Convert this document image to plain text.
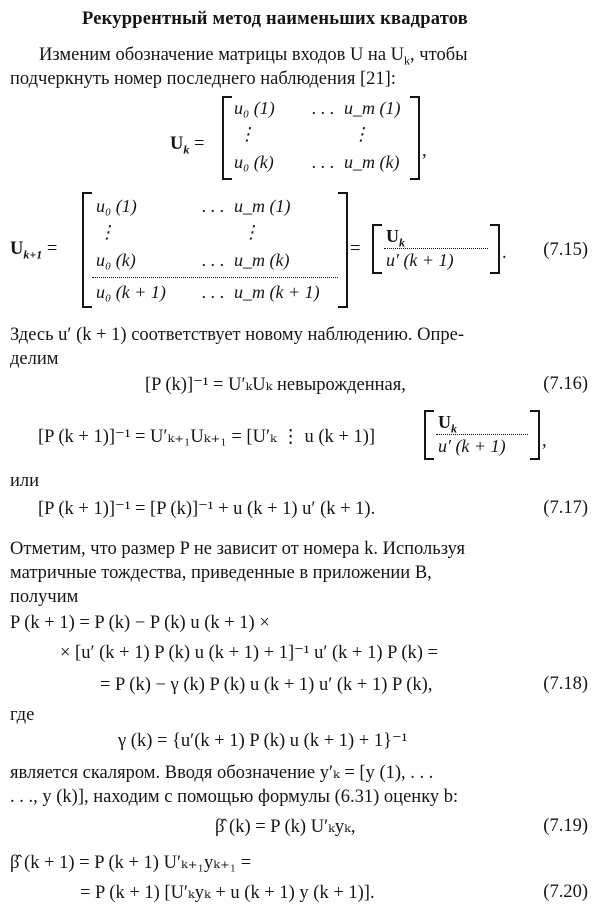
Рекуррентный метод наименьших квадратов
Изменим обозначение матрицы входов U на $U_k$, чтобы
подчеркнуть номер последнего наблюдения [21]:
$U_k$ =
u₀ (1) . . . u_m (1)
⋮	⋮
u₀ (k) . . . u_m (k)
,
$U_{k+1}$ =
u₀ (1)	. . . u_m (1)
⋮	⋮
u₀ (k)	. . . u_m (k)
u₀ (k + 1) . . . u_m (k + 1)
=
$U_k$
u′ (k + 1)	. (7.15)
Здесь u′ (k + 1) соответствует новому наблюдению. Опре-
делим
[P (k)]⁻¹ = U′ₖUₖ невырожденная,	(7.16)
[P (k + 1)]⁻¹ = U′ₖ₊₁Uₖ₊₁ = [U′ₖ ⋮ u (k + 1)]
$U_k$
u′ (k + 1) ,
или
[P (k + 1)]⁻¹ = [P (k)]⁻¹ + u (k + 1) u′ (k + 1).	(7.17)
Отметим, что размер P не зависит от номера k. Используя
матричные тождества, приведенные в приложении В,
получим
P (k + 1) = P (k) − P (k) u (k + 1) ×
× [u′ (k + 1) P (k) u (k + 1) + 1]⁻¹ u′ (k + 1) P (k) =
= P (k) − γ (k) P (k) u (k + 1) u′ (k + 1) P (k),	(7.18)
где
γ (k) = {u′(k + 1) P (k) u (k + 1) + 1}⁻¹
является скаляром. Вводя обозначение y′ₖ = [y (1), . . .
. . ., y (k)], находим с помощью формулы (6.31) оценку b:
β̂ (k) = P (k) U′ₖyₖ,	(7.19)
β̂ (k + 1) = P (k + 1) U′ₖ₊₁yₖ₊₁ =
= P (k + 1) [U′ₖyₖ + u (k + 1) y (k + 1)].	(7.20)
